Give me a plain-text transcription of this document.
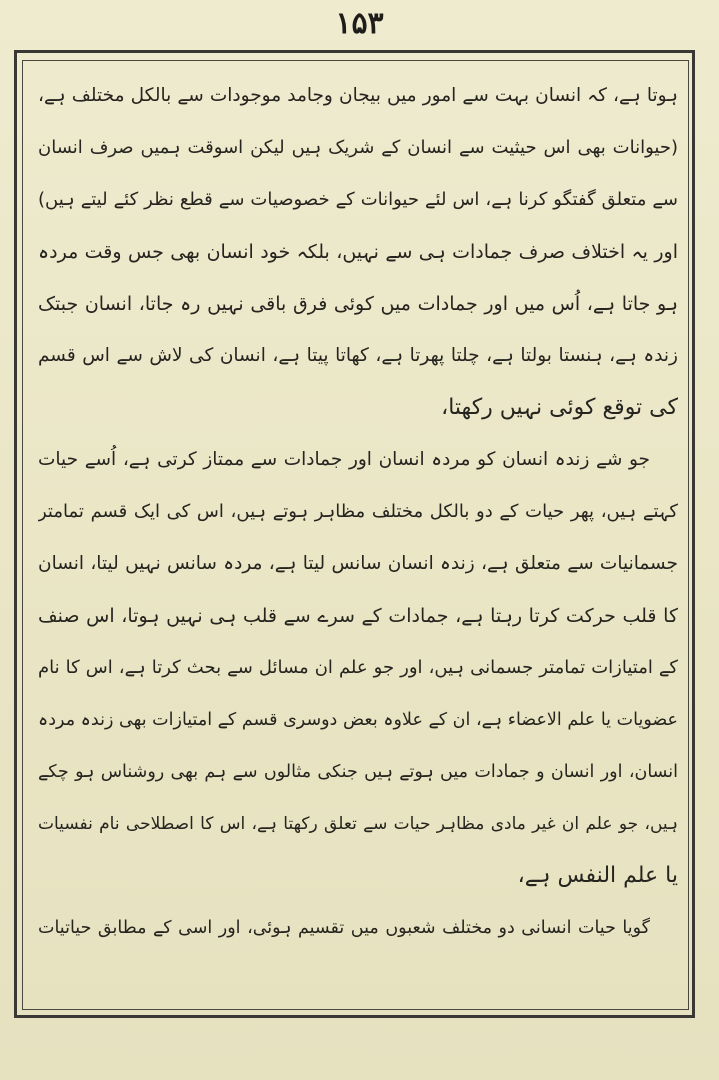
۱۵۳
ہوتا ہے، کہ انسان بہت سے امور میں بیجان وجامد موجودات سے بالکل مختلف ہے،
(حیوانات بھی اس حیثیت سے انسان کے شریک ہیں لیکن اسوقت ہمیں صرف انسان
سے متعلق گفتگو کرنا ہے، اس لئے حیوانات کے خصوصیات سے قطع نظر کئے لیتے ہیں)
اور یہ اختلاف صرف جمادات ہی سے نہیں، بلکہ خود انسان بھی جس وقت مردہ
ہو جاتا ہے، اُس میں اور جمادات میں کوئی فرق باقی نہیں رہ جاتا، انسان جبتک
زندہ ہے، ہنستا بولتا ہے، چلتا پھرتا ہے، کھاتا پیتا ہے، انسان کی لاش سے اس قسم
کی توقع کوئی نہیں رکھتا،
جو شے زندہ انسان کو مردہ انسان اور جمادات سے ممتاز کرتی ہے، اُسے حیات
کہتے ہیں، پھر حیات کے دو بالکل مختلف مظاہر ہوتے ہیں، اس کی ایک قسم تمامتر
جسمانیات سے متعلق ہے، زندہ انسان سانس لیتا ہے، مردہ سانس نہیں لیتا، انسان
کا قلب حرکت کرتا رہتا ہے، جمادات کے سرے سے قلب ہی نہیں ہوتا، اس صنف
کے امتیازات تمامتر جسمانی ہیں، اور جو علم ان مسائل سے بحث کرتا ہے، اس کا نام
عضویات یا علم الاعضاء ہے، ان کے علاوہ بعض دوسری قسم کے امتیازات بھی زندہ مردہ
انسان، اور انسان و جمادات میں ہوتے ہیں جنکی مثالوں سے ہم بھی روشناس ہو چکے
ہیں، جو علم ان غیر مادی مظاہر حیات سے تعلق رکھتا ہے، اس کا اصطلاحی نام نفسیات
یا علم النفس ہے،
گویا حیات انسانی دو مختلف شعبوں میں تقسیم ہوئی، اور اسی کے مطابق حیاتیات
